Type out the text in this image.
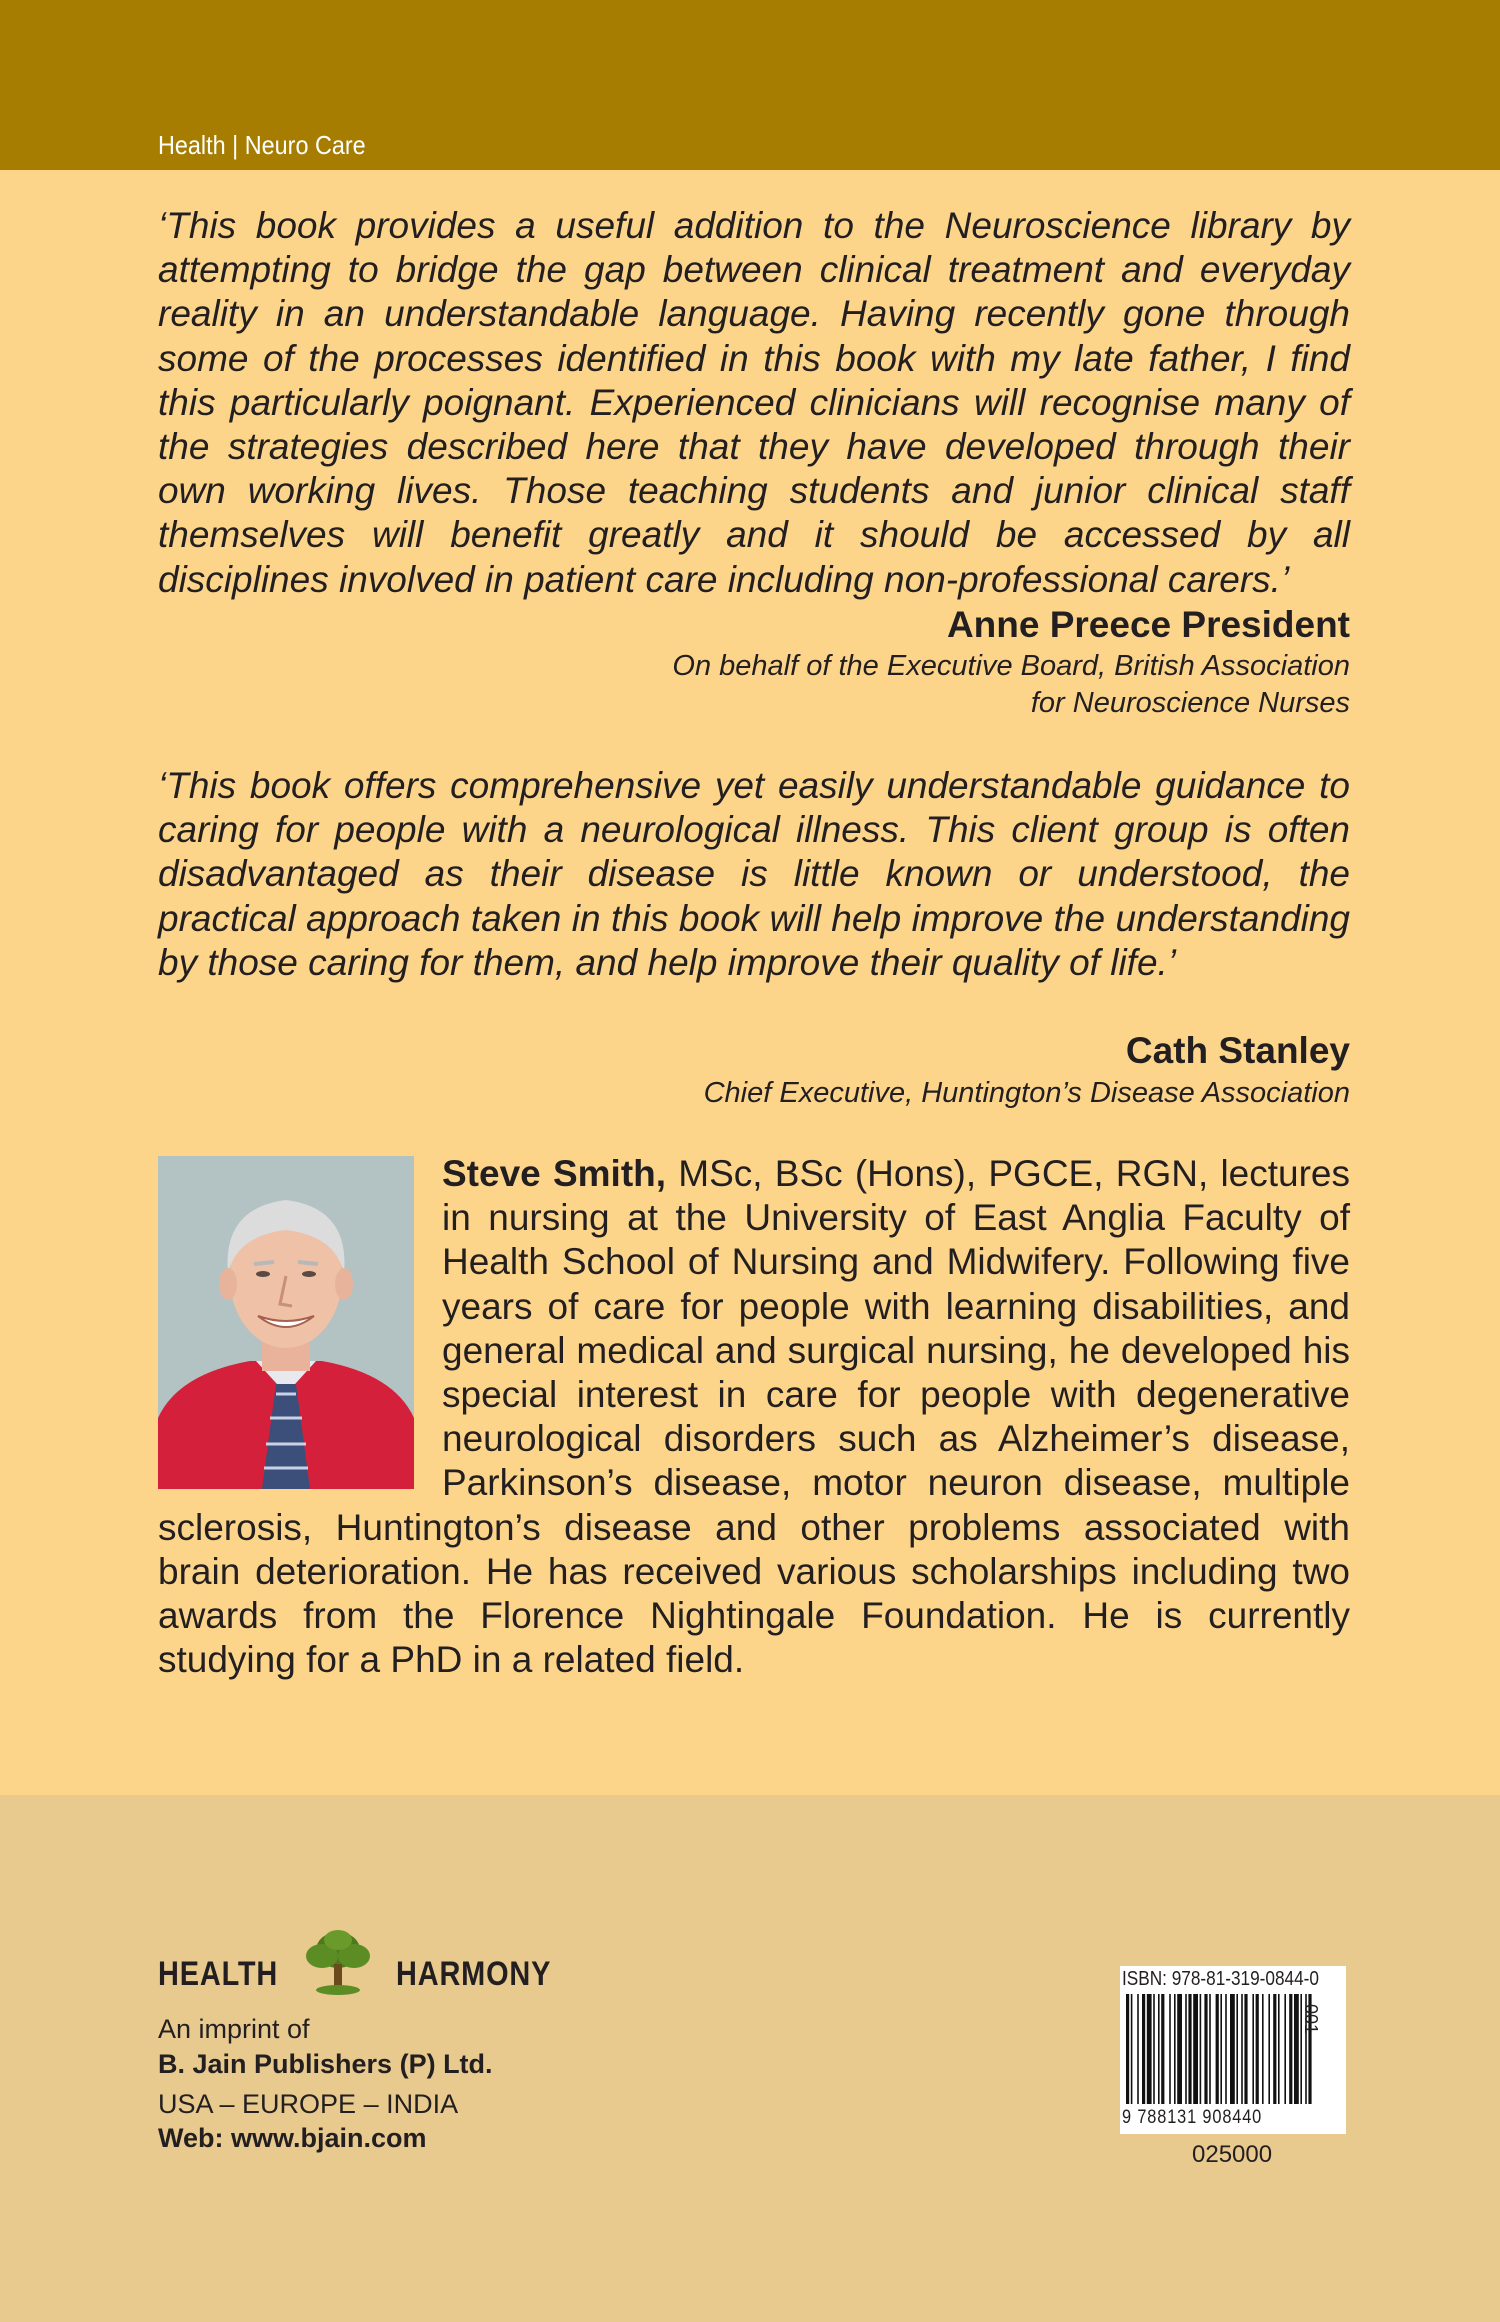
Health | Neuro Care

‘This book provides a useful addition to the Neuroscience library by attempting to bridge the gap between clinical treatment and everyday reality in an understandable language. Having recently gone through some of the processes identified in this book with my late father, I find this particularly poignant. Experienced clinicians will recognise many of the strategies described here that they have developed through their own working lives. Those teaching students and junior clinical staff themselves will benefit greatly and it should be accessed by all disciplines involved in patient care including non-professional carers.’

Anne Preece President

On behalf of the Executive Board, British Association for Neuroscience Nurses

‘This book offers comprehensive yet easily understandable guidance to caring for people with a neurological illness. This client group is often disadvantaged as their disease is little known or understood, the practical approach taken in this book will help improve the understanding by those caring for them, and help improve their quality of life.’

Cath Stanley

Chief Executive, Huntington’s Disease Association

Steve Smith, MSc, BSc (Hons), PGCE, RGN, lectures in nursing at the University of East Anglia Faculty of Health School of Nursing and Midwifery. Following five years of care for people with learning disabilities, and general medical and surgical nursing, he developed his special interest in care for people with degenerative neurological disorders such as Alzheimer’s disease, Parkinson’s disease, motor neuron disease, multiple sclerosis, Huntington’s disease and other problems associated with brain deterioration. He has received various scholarships including two awards from the Florence Nightingale Foundation. He is currently studying for a PhD in a related field.
HEALTH	HARMONY

An imprint of

B. Jain Publishers (P) Ltd.

USA – EUROPE – INDIA

Web: www.bjain.com

ISBN: 978-81-319-0844-0

9 788131 908440

001

025000
